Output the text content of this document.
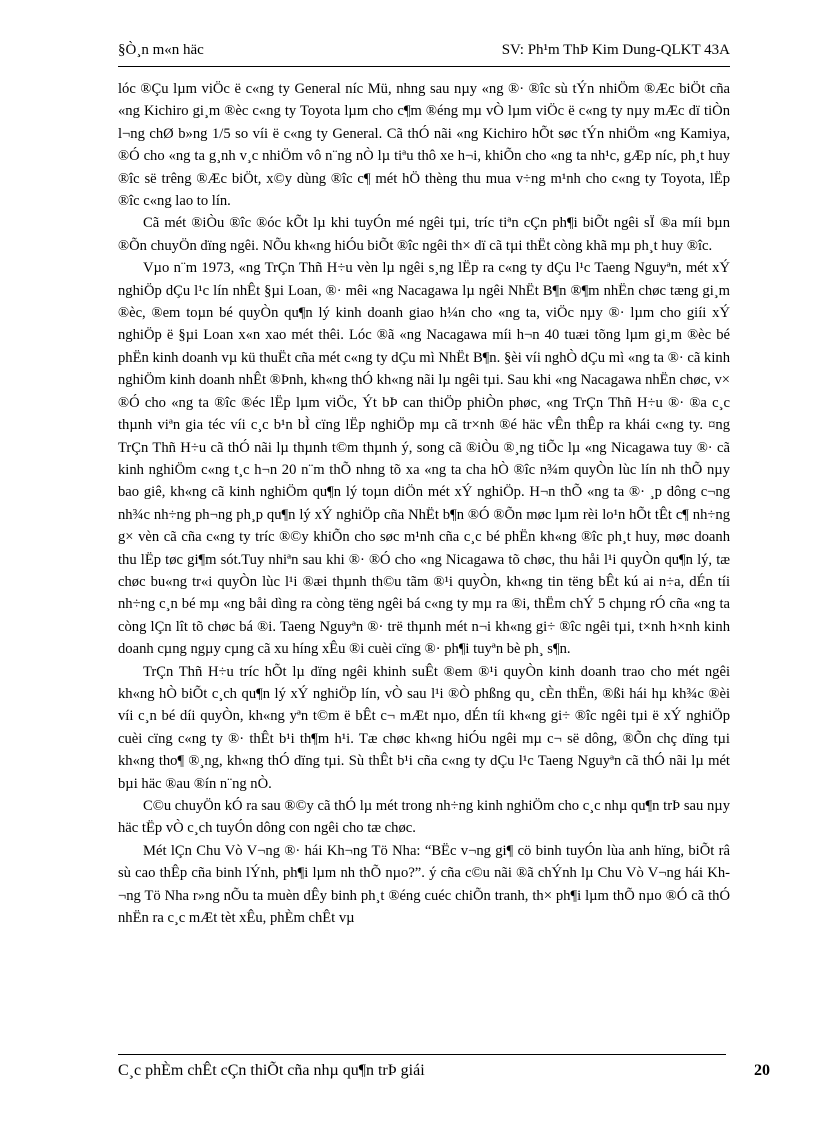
§Ò¸n m«n häc	SV: Ph¹m ThÞ Kim Dung-QLKT 43A

lóc ®Çu lµm viÖc ë c«ng ty General níc Mü, nhng sau nµy «ng ®· ®îc sù tÝn nhiÖm ®Æc biÖt cña «ng Kichiro gi¸m ®èc c«ng ty Toyota lµm cho c¶m ®éng mµ vÒ lµm viÖc ë c«ng ty nµy mÆc dï tiÒn l¬ng chØ b»ng 1/5 so víi ë c«ng ty General. Cã thÓ nãi «ng Kichiro hÕt søc tÝn nhiÖm «ng Kamiya, ®Ó cho «ng ta g¸nh v¸c nhiÖm vô n¨ng nÒ lµ tiªu thô xe h¬i, khiÕn cho «ng ta nh¹c, gÆp níc, ph¸t huy ®îc së trêng ®Æc biÖt, x©y dùng ®îc c¶ mét hÖ thèng thu mua v÷ng m¹nh cho c«ng ty Toyota, lËp ®îc c«ng lao to lín.

Cã mét ®iÒu ®îc ®óc kÕt lµ khi tuyÓn mé ngêi tµi, tríc tiªn cÇn ph¶i biÕt ngêi sÏ ®a míi bµn ®Õn chuyÖn dïng ngêi. NÕu kh«ng hiÓu biÕt ®îc ngêi th× dï cã tµi thËt còng khã mµ ph¸t huy ®îc.

Vµo n¨m 1973, «ng TrÇn Thñ H÷u vèn lµ ngêi s¸ng lËp ra c«ng ty dÇu l¹c Taeng Nguyªn, mét xÝ nghiÖp dÇu l¹c lín nhÊt §µi Loan, ®· mêi «ng Nacagawa lµ ngêi NhËt B¶n ®¶m nhËn chøc tæng gi¸m ®èc, ®em toµn bé quyÒn qu¶n lý kinh doanh giao h¼n cho «ng ta, viÖc nµy ®· lµm cho giíi xÝ nghiÖp ë §µi Loan x«n xao mét thêi. Lóc ®ã «ng Nacagawa míi h¬n 40 tuæi tõng lµm gi¸m ®èc bé phËn kinh doanh vµ kü thuËt cña mét c«ng ty dÇu mì NhËt B¶n. §èi víi nghÒ dÇu mì «ng ta ®· cã kinh nghiÖm kinh doanh nhÊt ®Þnh, kh«ng thÓ kh«ng nãi lµ ngêi tµi. Sau khi «ng Nacagawa nhËn chøc, v× ®Ó cho «ng ta ®îc ®éc lËp lµm viÖc, Ýt bÞ can thiÖp phiÒn phøc, «ng TrÇn Thñ H÷u ®· ®a c¸c thµnh viªn gia téc víi c¸c b¹n bÌ cïng lËp nghiÖp mµ cã tr×nh ®é häc vÊn thÊp ra khái c«ng ty. ¤ng TrÇn Thñ H÷u cã thÓ nãi lµ thµnh t©m thµnh ý, song cã ®iÒu ®¸ng tiÕc lµ «ng Nicagawa tuy ®· cã kinh nghiÖm c«ng t¸c h¬n 20 n¨m thÕ nhng tõ xa «ng ta cha hÒ ®îc n¾m quyÒn lùc lín nh thÕ nµy bao giê, kh«ng cã kinh nghiÖm qu¶n lý toµn diÖn mét xÝ nghiÖp. H¬n thÕ «ng ta ®· ¸p dông c¬ng nh¾c nh÷ng ph¬ng ph¸p qu¶n lý xÝ nghiÖp cña NhËt b¶n ®Ó ®Õn møc lµm rèi lo¹n hÕt tÊt c¶ nh÷ng g× vèn cã cña c«ng ty tríc ®©y khiÕn cho søc m¹nh cña c¸c bé phËn kh«ng ®îc ph¸t huy, møc doanh thu lËp tøc gi¶m sót.Tuy nhiªn sau khi ®· ®Ó cho «ng Nicagawa tõ chøc, thu håi l¹i quyÒn qu¶n lý, tæ chøc bu«ng tr«i quyÒn lùc l¹i ®æi thµnh th©u tãm ®¹i quyÒn, kh«ng tin tëng bÊt kú ai n÷a, dÉn tíi nh÷ng c¸n bé mµ «ng båi dìng ra còng tëng ngêi bá c«ng ty mµ ra ®i, thËm chÝ 5 chµng rÓ cña «ng ta còng lÇn lît tõ chøc bá ®i. Taeng Nguyªn ®· trë thµnh mét n¬i kh«ng gi÷ ®îc ngêi tµi, t×nh h×nh kinh doanh cµng ngµy cµng cã xu híng xÊu ®i cuèi cïng ®· ph¶i tuyªn bè ph¸ s¶n.

TrÇn Thñ H÷u tríc hÕt lµ dïng ngêi khinh suÊt ®em ®¹i quyÒn kinh doanh trao cho mét ngêi kh«ng hÒ biÕt c¸ch qu¶n lý xÝ nghiÖp lín, vÒ sau l¹i ®Ò phßng qu¸ cÈn thËn, ®ßi hái hµ kh¾c ®èi víi c¸n bé díi quyÒn, kh«ng yªn t©m ë bÊt c¬ mÆt nµo, dÉn tíi kh«ng gi÷ ®îc ngêi tµi ë xÝ nghiÖp cuèi cïng c«ng ty ®· thÊt b¹i th¶m h¹i. Tæ chøc kh«ng hiÓu ngêi mµ c¬ së dông, ®Õn chç dïng tµi kh«ng tho¶ ®¸ng, kh«ng thÓ dïng tµi. Sù thÊt b¹i cña c«ng ty dÇu l¹c Taeng Nguyªn cã thÓ nãi lµ mét bµi häc ®au ®ín n¨ng nÒ.

C©u chuyÖn kÓ ra sau ®©y cã thÓ lµ mét trong nh÷ng kinh nghiÖm cho c¸c nhµ qu¶n trÞ sau nµy häc tËp vÒ c¸ch tuyÓn dông con ngêi cho tæ chøc.

Mét lÇn Chu Vò V¬ng ®· hái Kh¬ng Tö Nha: “BËc v¬ng gi¶ cö binh tuyÓn lùa anh hïng, biÕt râ sù cao thÊp cña binh lÝnh, ph¶i lµm nh thÕ nµo?”. ý cña c©u nãi ®ã chÝnh lµ Chu Vò V¬ng hái Kh¬ng Tö Nha r»ng nÕu ta muèn dÊy binh ph¸t ®éng cuéc chiÕn tranh, th× ph¶i lµm thÕ nµo ®Ó cã thÓ nhËn ra c¸c mÆt tèt xÊu, phÈm chÊt vµ

C¸c phÈm chÊt cÇn thiÕt cña nhµ qu¶n trÞ giái	20
